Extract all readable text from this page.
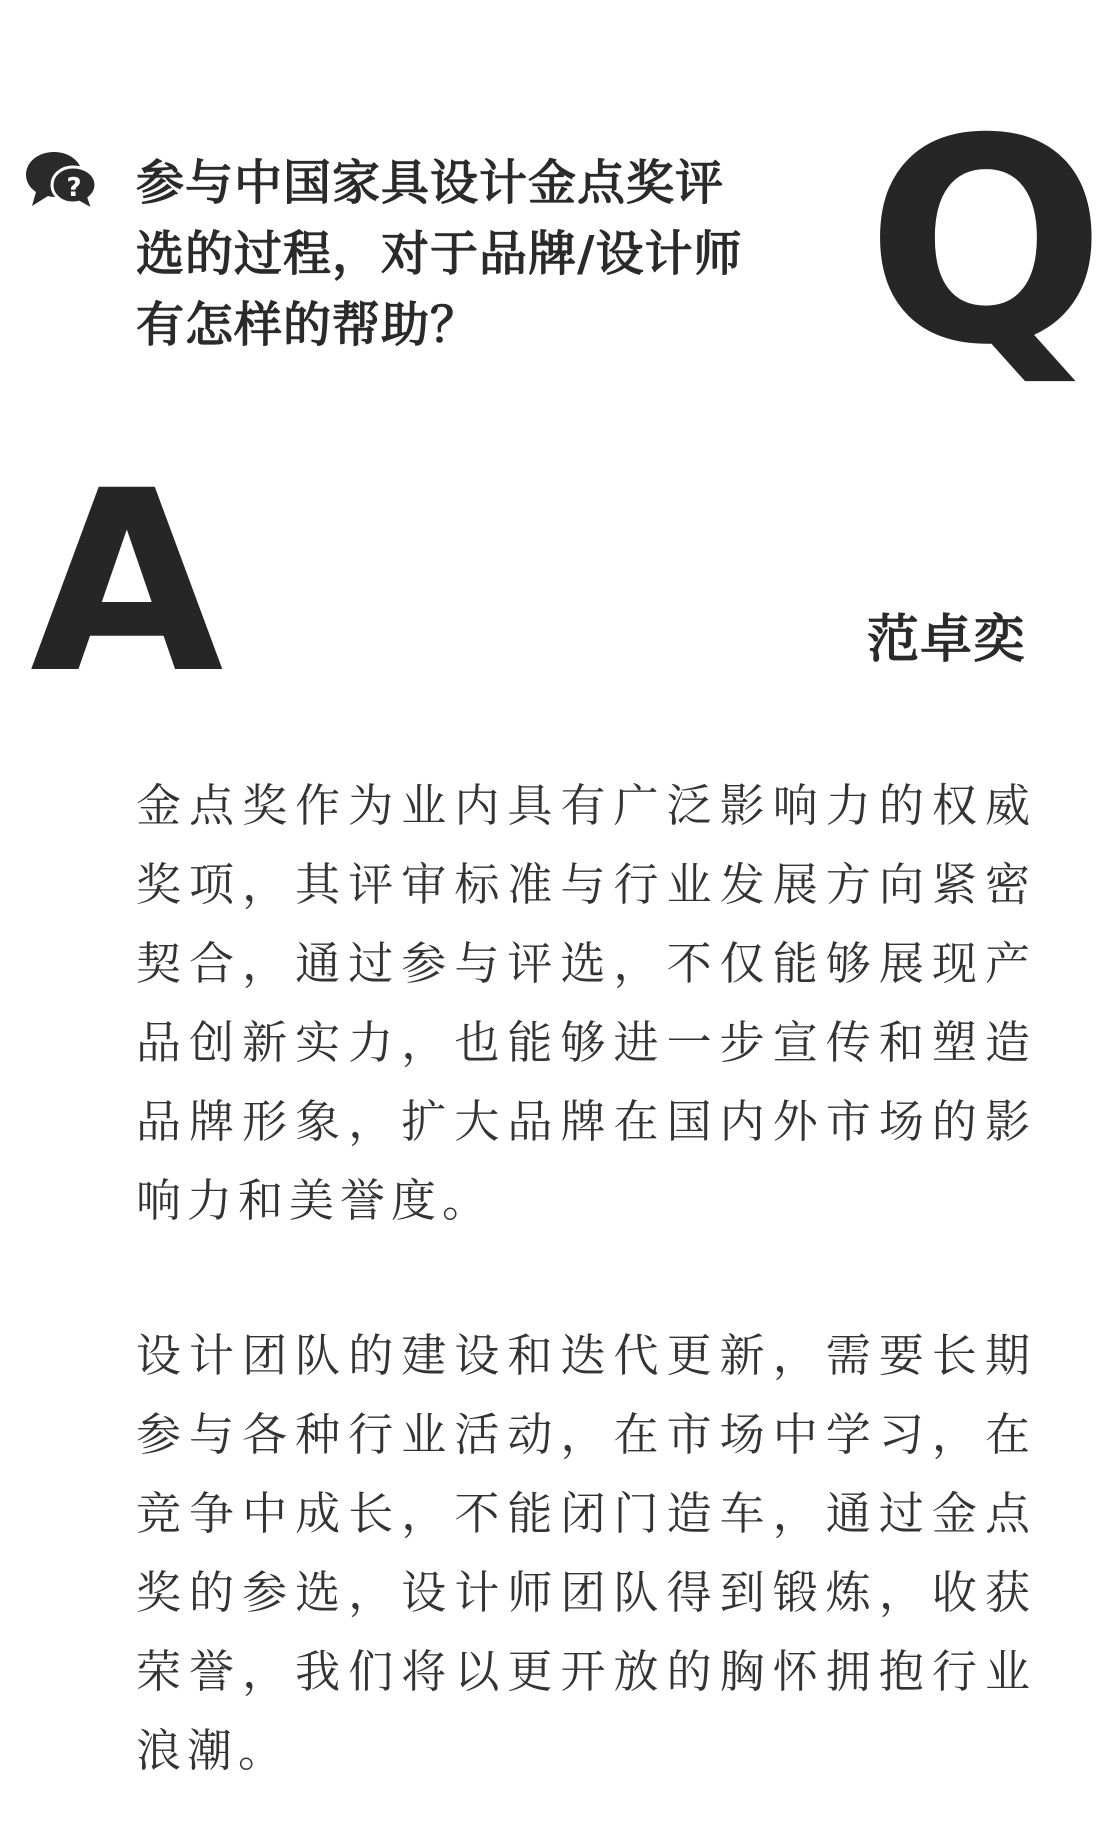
? 参与中国家具设计金点奖评选的过程，对于品牌/设计师有怎样的帮助？	Q
A	范卓奕

金点奖作为业内具有广泛影响力的权威奖项，其评审标准与行业发展方向紧密契合，通过参与评选，不仅能够展现产品创新实力，也能够进一步宣传和塑造品牌形象，扩大品牌在国内外市场的影响力和美誉度。

设计团队的建设和迭代更新，需要长期参与各种行业活动，在市场中学习，在竞争中成长，不能闭门造车，通过金点奖的参选，设计师团队得到锻炼，收获荣誉，我们将以更开放的胸怀拥抱行业浪潮。
